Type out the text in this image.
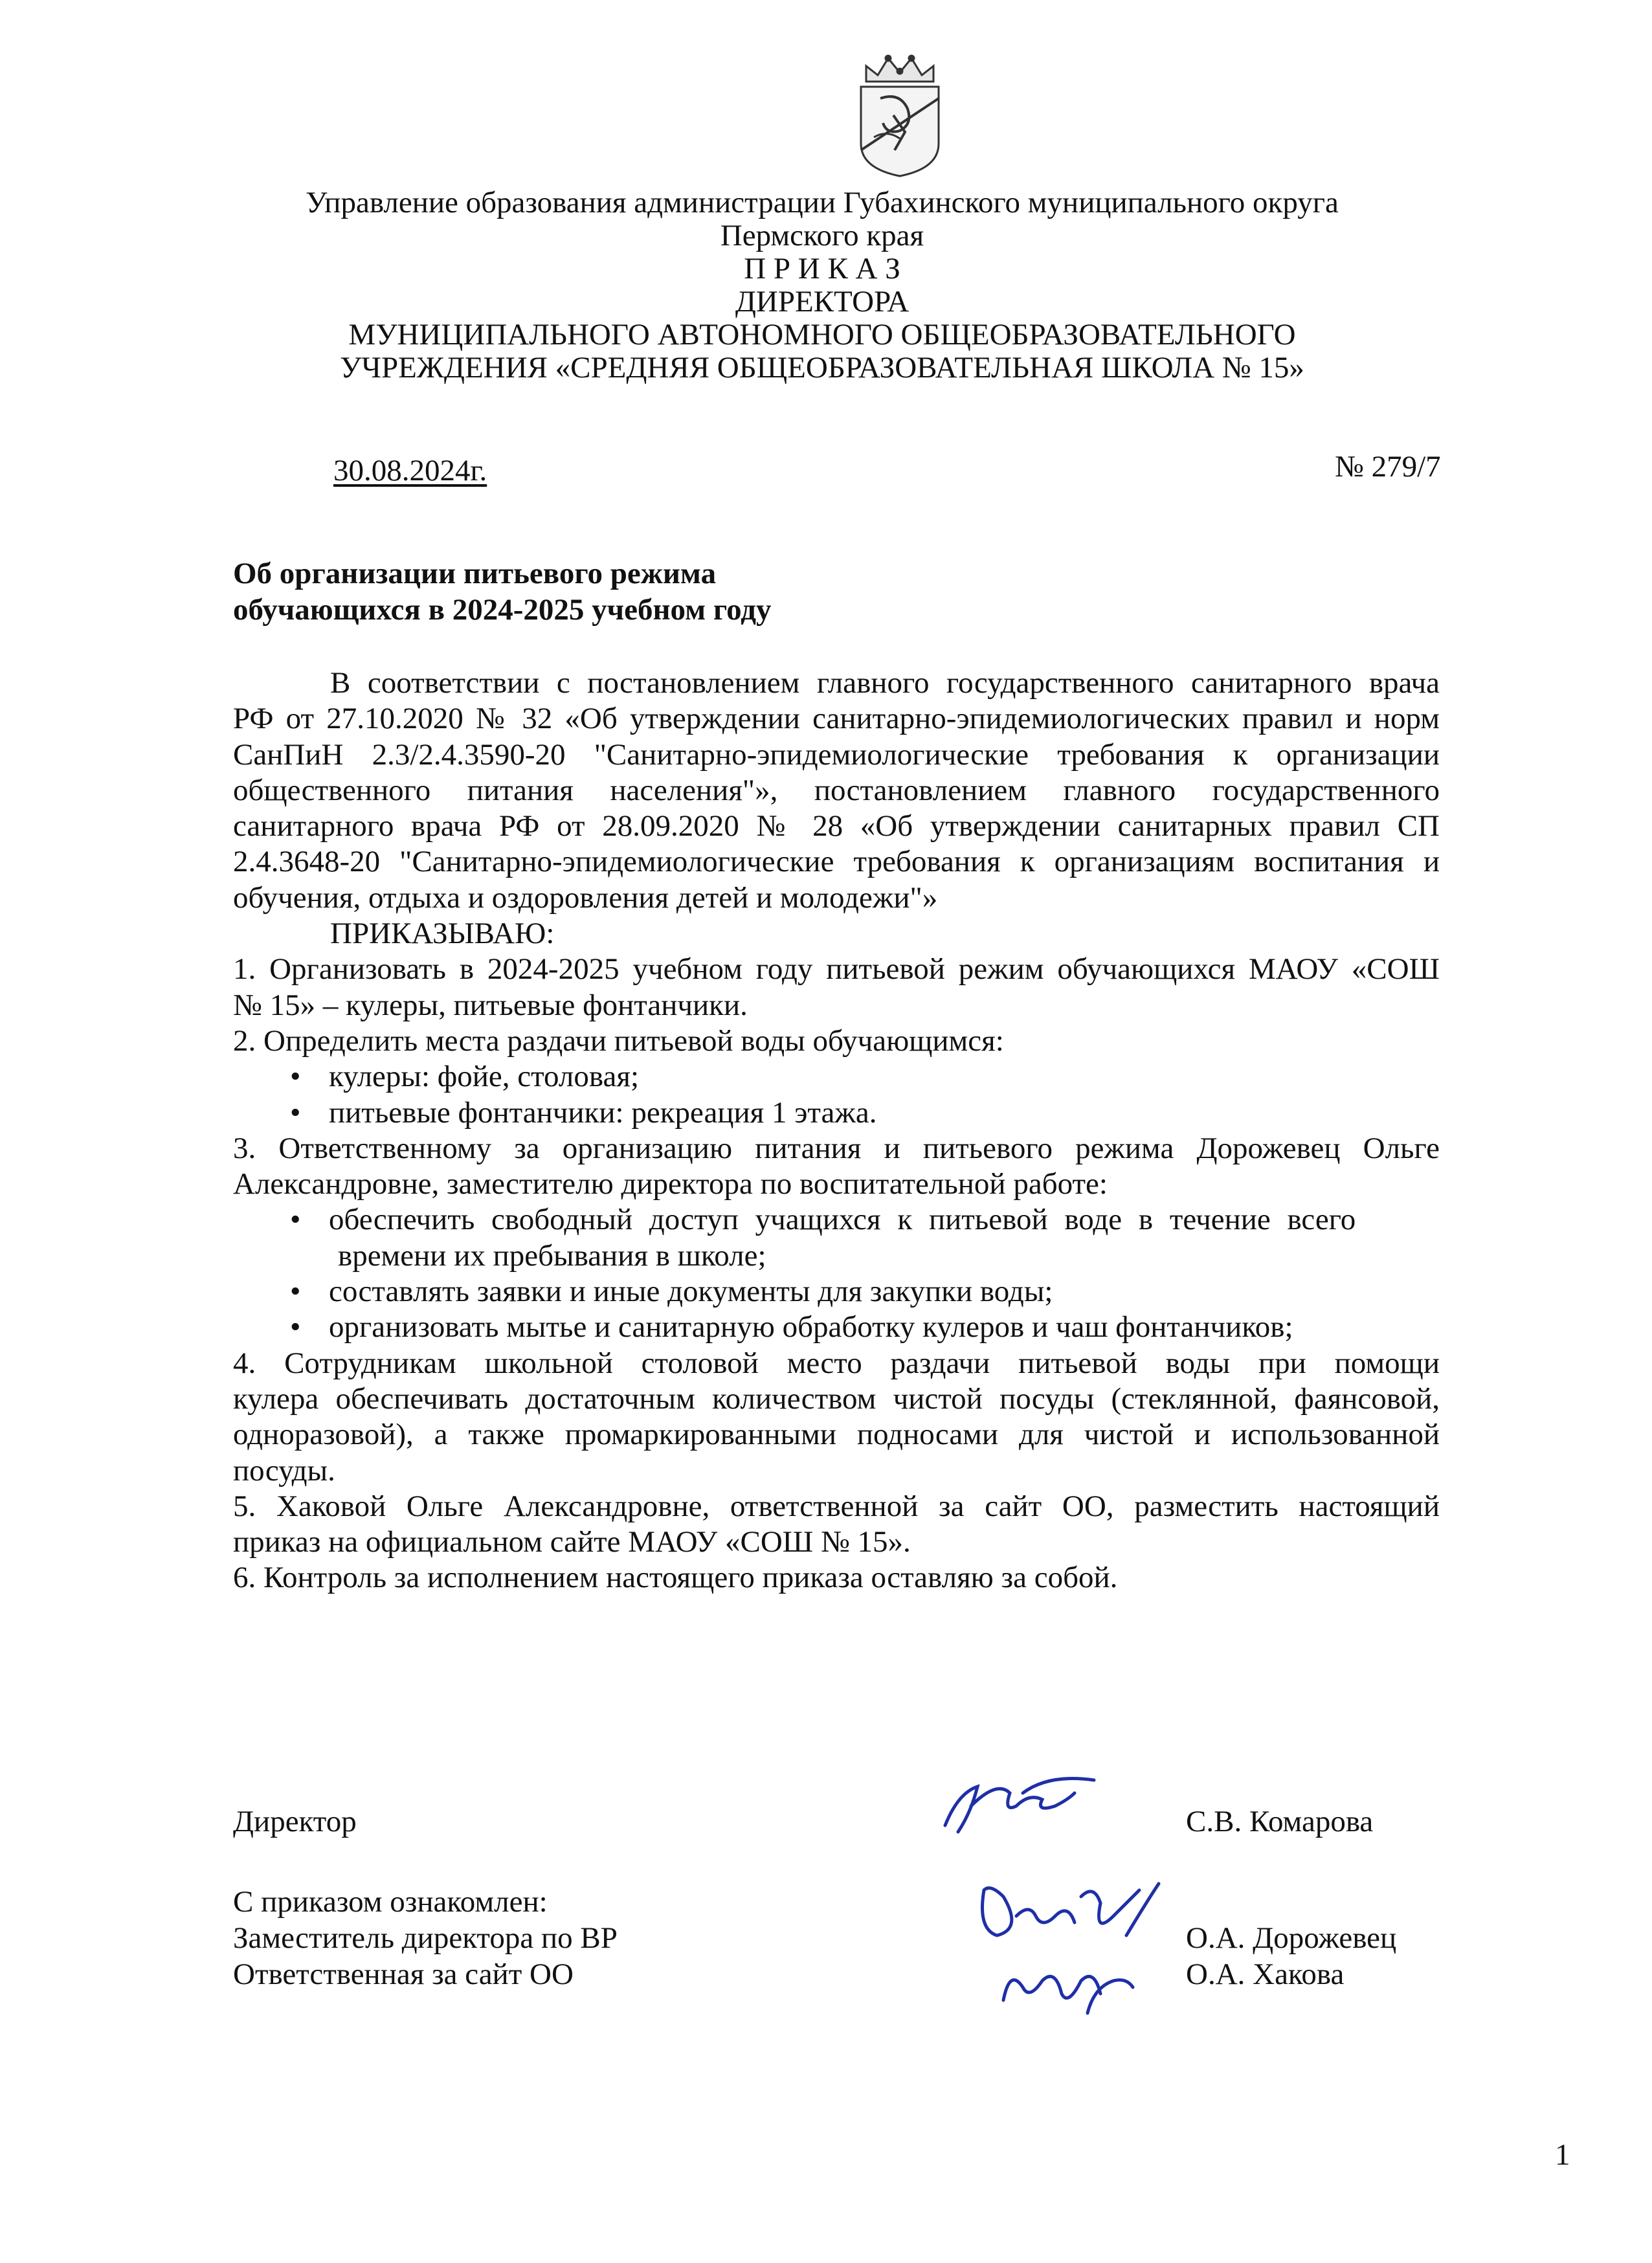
Управление образования администрации Губахинского муниципального округа
Пермского края
П Р И К А З
ДИРЕКТОРА
МУНИЦИПАЛЬНОГО АВТОНОМНОГО ОБЩЕОБРАЗОВАТЕЛЬНОГО
УЧРЕЖДЕНИЯ «СРЕДНЯЯ ОБЩЕОБРАЗОВАТЕЛЬНАЯ ШКОЛА № 15»
30.08.2024г.	№ 279/7
Об организации питьевого режима
обучающихся в 2024-2025 учебном году
В соответствии с постановлением главного государственного санитарного врача
РФ от 27.10.2020 № 32 «Об утверждении санитарно-эпидемиологических правил и норм
СанПиН 2.3/2.4.3590-20 "Санитарно-эпидемиологические требования к организации
общественного питания населения"», постановлением главного государственного
санитарного врача РФ от 28.09.2020 № 28 «Об утверждении санитарных правил СП
2.4.3648-20 "Санитарно-эпидемиологические требования к организациям воспитания и
обучения, отдыха и оздоровления детей и молодежи"»
ПРИКАЗЫВАЮ:
1. Организовать в 2024-2025 учебном году питьевой режим обучающихся МАОУ «СОШ
№ 15» – кулеры, питьевые фонтанчики.
2. Определить места раздачи питьевой воды обучающимся:
• кулеры: фойе, столовая;
• питьевые фонтанчики: рекреация 1 этажа.
3. Ответственному за организацию питания и питьевого режима Дорожевец Ольге
Александровне, заместителю директора по воспитательной работе:
• обеспечить свободный доступ учащихся к питьевой воде в течение всего
времени их пребывания в школе;
• составлять заявки и иные документы для закупки воды;
• организовать мытье и санитарную обработку кулеров и чаш фонтанчиков;
4. Сотрудникам школьной столовой место раздачи питьевой воды при помощи
кулера обеспечивать достаточным количеством чистой посуды (стеклянной, фаянсовой,
одноразовой), а также промаркированными подносами для чистой и использованной
посуды.
5. Хаковой Ольге Александровне, ответственной за сайт ОО, разместить настоящий
приказ на официальном сайте МАОУ «СОШ № 15».
6. Контроль за исполнением настоящего приказа оставляю за собой.
Директор	С.В. Комарова
С приказом ознакомлен:
Заместитель директора по ВР	О.А. Дорожевец
Ответственная за сайт ОО	О.А. Хакова
1
